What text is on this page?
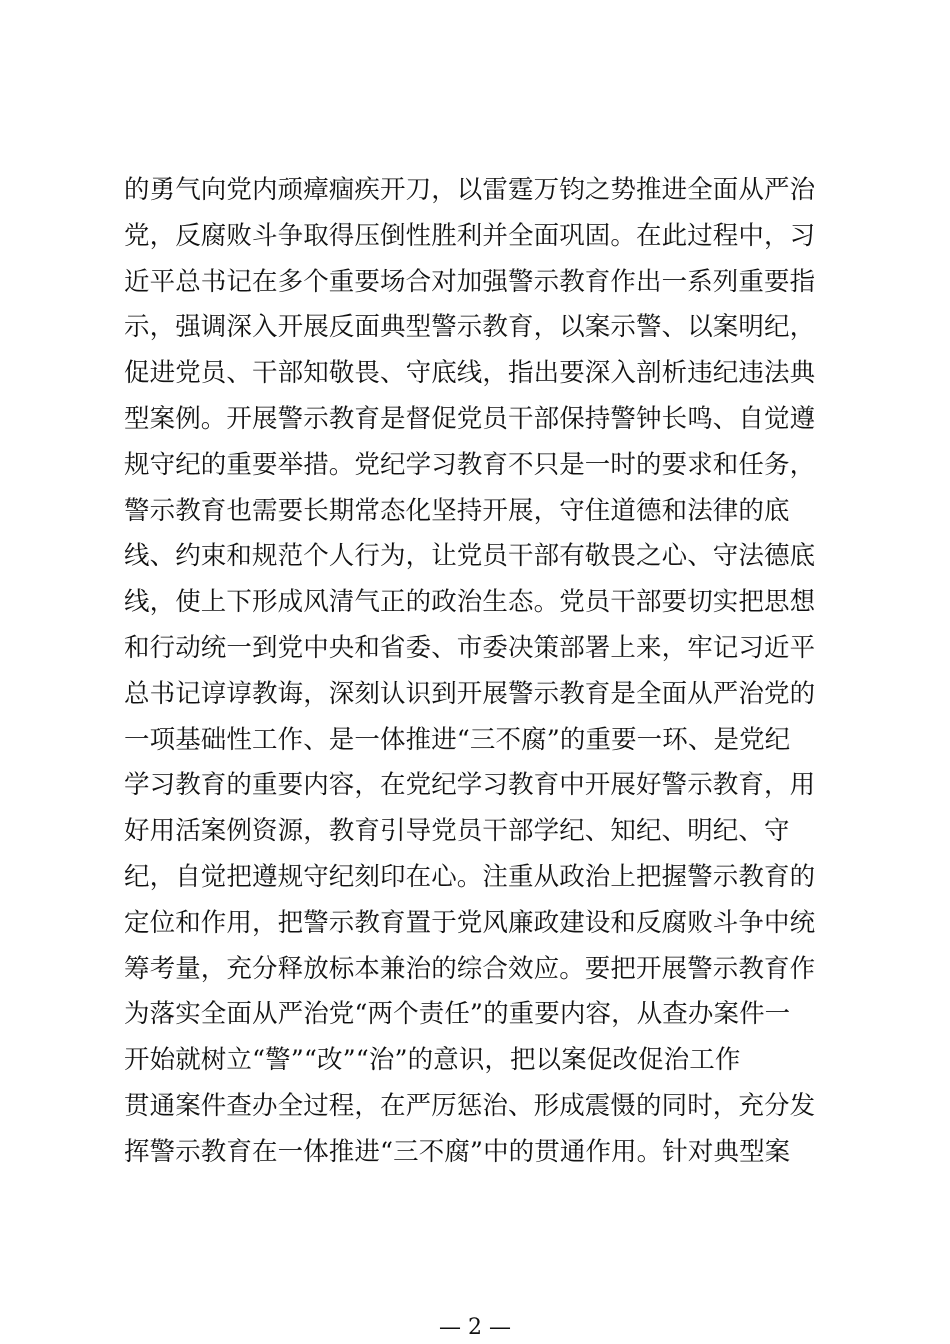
的勇气向党内顽瘴痼疾开刀，以雷霆万钧之势推进全面从严治
党，反腐败斗争取得压倒性胜利并全面巩固。在此过程中，习
近平总书记在多个重要场合对加强警示教育作出一系列重要指
示，强调深入开展反面典型警示教育，以案示警、以案明纪，
促进党员、干部知敬畏、守底线，指出要深入剖析违纪违法典
型案例。开展警示教育是督促党员干部保持警钟长鸣、自觉遵
规守纪的重要举措。党纪学习教育不只是一时的要求和任务，
警示教育也需要长期常态化坚持开展，守住道德和法律的底
线、约束和规范个人行为，让党员干部有敬畏之心、守法德底
线，使上下形成风清气正的政治生态。党员干部要切实把思想
和行动统一到党中央和省委、市委决策部署上来，牢记习近平
总书记谆谆教诲，深刻认识到开展警示教育是全面从严治党的
一项基础性工作、是一体推进“三不腐”的重要一环、是党纪
学习教育的重要内容，在党纪学习教育中开展好警示教育，用
好用活案例资源，教育引导党员干部学纪、知纪、明纪、守
纪，自觉把遵规守纪刻印在心。注重从政治上把握警示教育的
定位和作用，把警示教育置于党风廉政建设和反腐败斗争中统
筹考量，充分释放标本兼治的综合效应。要把开展警示教育作
为落实全面从严治党“两个责任”的重要内容，从查办案件一
开始就树立“警”“改”“治”的意识，把以案促改促治工作
贯通案件查办全过程，在严厉惩治、形成震慑的同时，充分发
挥警示教育在一体推进“三不腐”中的贯通作用。针对典型案
— 2 —
